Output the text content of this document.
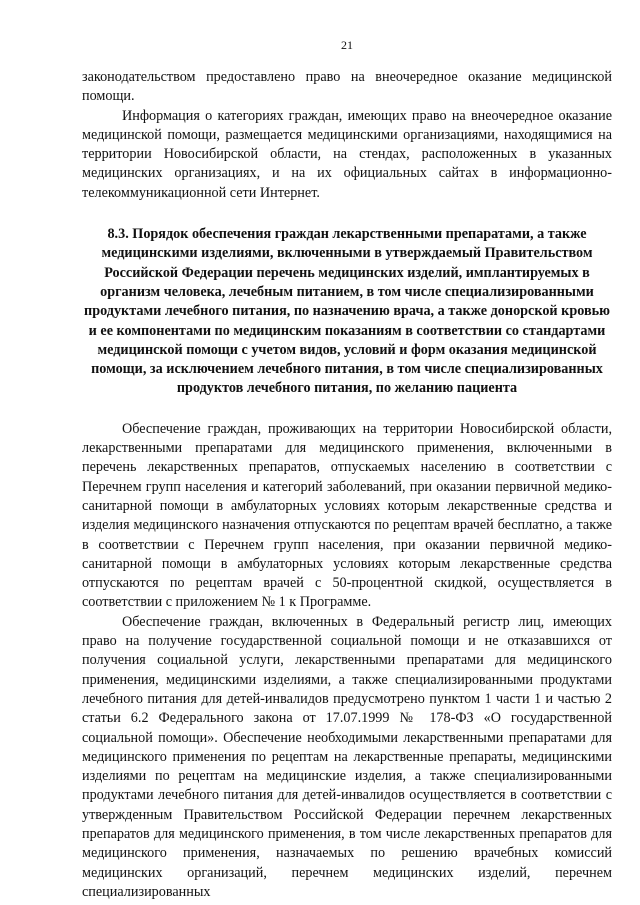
21

законодательством предоставлено право на внеочередное оказание медицинской помощи.

Информация о категориях граждан, имеющих право на внеочередное оказание медицинской помощи, размещается медицинскими организациями, находящимися на территории Новосибирской области, на стендах, расположенных в указанных медицинских организациях, и на их официальных сайтах в информационно-телекоммуникационной сети Интернет.

8.3. Порядок обеспечения граждан лекарственными препаратами, а также медицинскими изделиями, включенными в утверждаемый Правительством Российской Федерации перечень медицинских изделий, имплантируемых в организм человека, лечебным питанием, в том числе специализированными продуктами лечебного питания, по назначению врача, а также донорской кровью и ее компонентами по медицинским показаниям в соответствии со стандартами медицинской помощи с учетом видов, условий и форм оказания медицинской помощи, за исключением лечебного питания, в том числе специализированных продуктов лечебного питания, по желанию пациента

Обеспечение граждан, проживающих на территории Новосибирской области, лекарственными препаратами для медицинского применения, включенными в перечень лекарственных препаратов, отпускаемых населению в соответствии с Перечнем групп населения и категорий заболеваний, при оказании первичной медико-санитарной помощи в амбулаторных условиях которым лекарственные средства и изделия медицинского назначения отпускаются по рецептам врачей бесплатно, а также в соответствии с Перечнем групп населения, при оказании первичной медико-санитарной помощи в амбулаторных условиях которым лекарственные средства отпускаются по рецептам врачей с 50-процентной скидкой, осуществляется в соответствии с приложением № 1 к Программе.

Обеспечение граждан, включенных в Федеральный регистр лиц, имеющих право на получение государственной социальной помощи и не отказавшихся от получения социальной услуги, лекарственными препаратами для медицинского применения, медицинскими изделиями, а также специализированными продуктами лечебного питания для детей-инвалидов предусмотрено пунктом 1 части 1 и частью 2 статьи 6.2 Федерального закона от 17.07.1999 № 178-ФЗ «О государственной социальной помощи». Обеспечение необходимыми лекарственными препаратами для медицинского применения по рецептам на лекарственные препараты, медицинскими изделиями по рецептам на медицинские изделия, а также специализированными продуктами лечебного питания для детей-инвалидов осуществляется в соответствии с утвержденным Правительством Российской Федерации перечнем лекарственных препаратов для медицинского применения, в том числе лекарственных препаратов для медицинского применения, назначаемых по решению врачебных комиссий медицинских организаций, перечнем медицинских изделий, перечнем специализированных
